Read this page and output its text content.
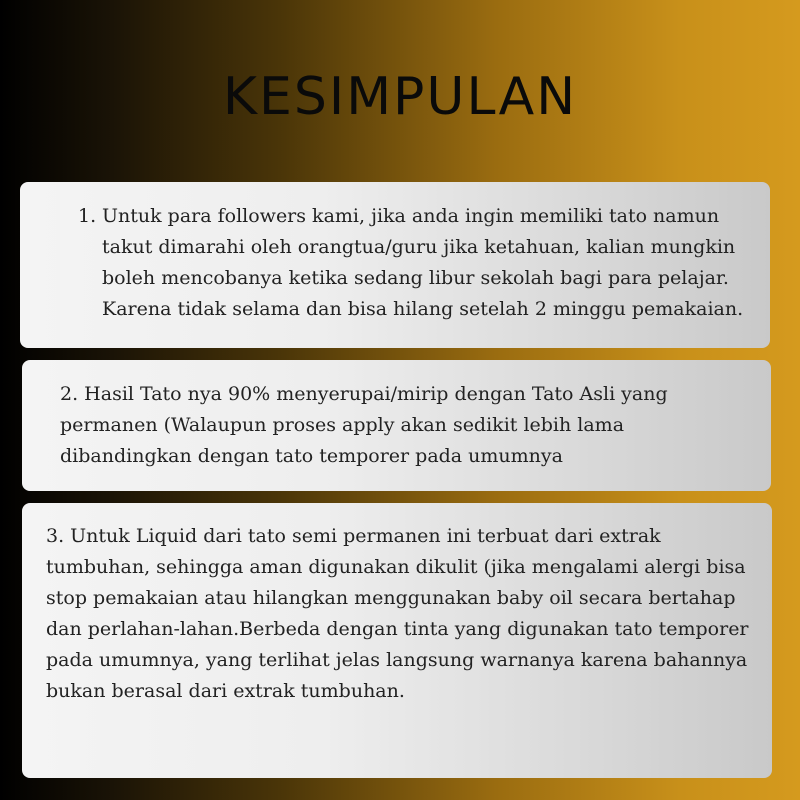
KESIMPULAN
1. Untuk para followers kami, jika anda ingin memiliki tato namun takut dimarahi oleh orangtua/guru jika ketahuan, kalian mungkin boleh mencobanya ketika sedang libur sekolah bagi para pelajar. Karena tidak selama dan bisa hilang setelah 2 minggu pemakaian.

2. Hasil Tato nya 90% menyerupai/mirip dengan Tato Asli yang permanen (Walaupun proses apply akan sedikit lebih lama dibandingkan dengan tato temporer pada umumnya

3. Untuk Liquid dari tato semi permanen ini terbuat dari extrak tumbuhan, sehingga aman digunakan dikulit (jika mengalami alergi bisa stop pemakaian atau hilangkan menggunakan baby oil secara bertahap dan perlahan-lahan.Berbeda dengan tinta yang digunakan tato temporer pada umumnya, yang terlihat jelas langsung warnanya karena bahannya bukan berasal dari extrak tumbuhan.
